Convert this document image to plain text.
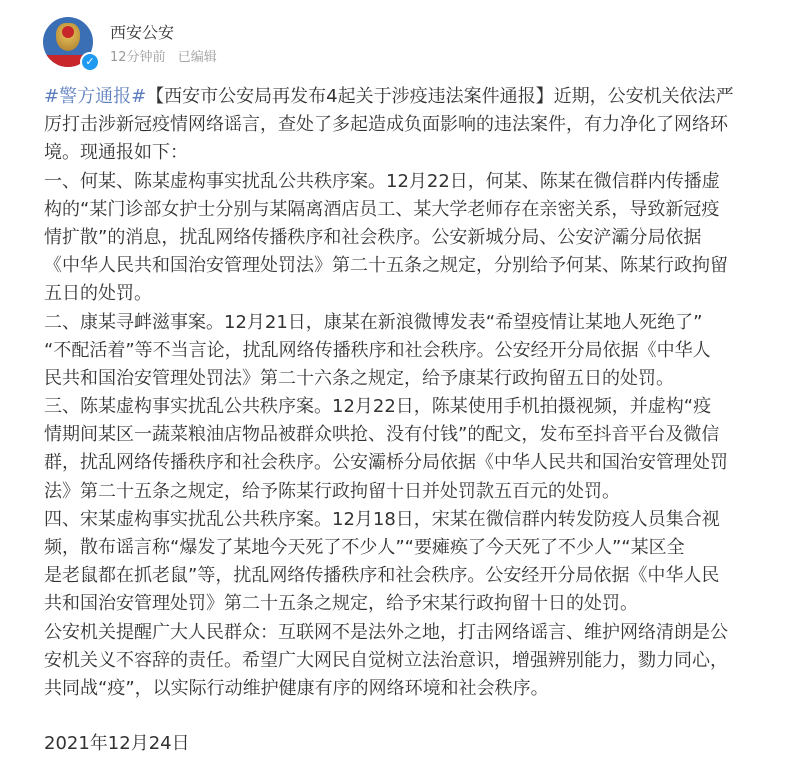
✓
西安公安
12分钟前 已编辑
#警方通报#【西安市公安局再发布4起关于涉疫违法案件通报】近期，公安机关依法严
厉打击涉新冠疫情网络谣言，查处了多起造成负面影响的违法案件，有力净化了网络环
境。现通报如下：
一、何某、陈某虚构事实扰乱公共秩序案。12月22日，何某、陈某在微信群内传播虚
构的“某门诊部女护士分别与某隔离酒店员工、某大学老师存在亲密关系，导致新冠疫
情扩散”的消息，扰乱网络传播秩序和社会秩序。公安新城分局、公安浐灞分局依据
《中华人民共和国治安管理处罚法》第二十五条之规定，分别给予何某、陈某行政拘留
五日的处罚。
二、康某寻衅滋事案。12月21日，康某在新浪微博发表“希望疫情让某地人死绝了”
“不配活着”等不当言论，扰乱网络传播秩序和社会秩序。公安经开分局依据《中华人
民共和国治安管理处罚法》第二十六条之规定，给予康某行政拘留五日的处罚。
三、陈某虚构事实扰乱公共秩序案。12月22日，陈某使用手机拍摄视频，并虚构“疫
情期间某区一蔬菜粮油店物品被群众哄抢、没有付钱”的配文，发布至抖音平台及微信
群，扰乱网络传播秩序和社会秩序。公安灞桥分局依据《中华人民共和国治安管理处罚
法》第二十五条之规定，给予陈某行政拘留十日并处罚款五百元的处罚。
四、宋某虚构事实扰乱公共秩序案。12月18日，宋某在微信群内转发防疫人员集合视
频，散布谣言称“爆发了某地今天死了不少人”“要瘫痪了今天死了不少人”“某区全
是老鼠都在抓老鼠”等，扰乱网络传播秩序和社会秩序。公安经开分局依据《中华人民
共和国治安管理处罚》第二十五条之规定，给予宋某行政拘留十日的处罚。
公安机关提醒广大人民群众：互联网不是法外之地，打击网络谣言、维护网络清朗是公
安机关义不容辞的责任。希望广大网民自觉树立法治意识，增强辨别能力，勠力同心，
共同战“疫”，以实际行动维护健康有序的网络环境和社会秩序。
2021年12月24日
